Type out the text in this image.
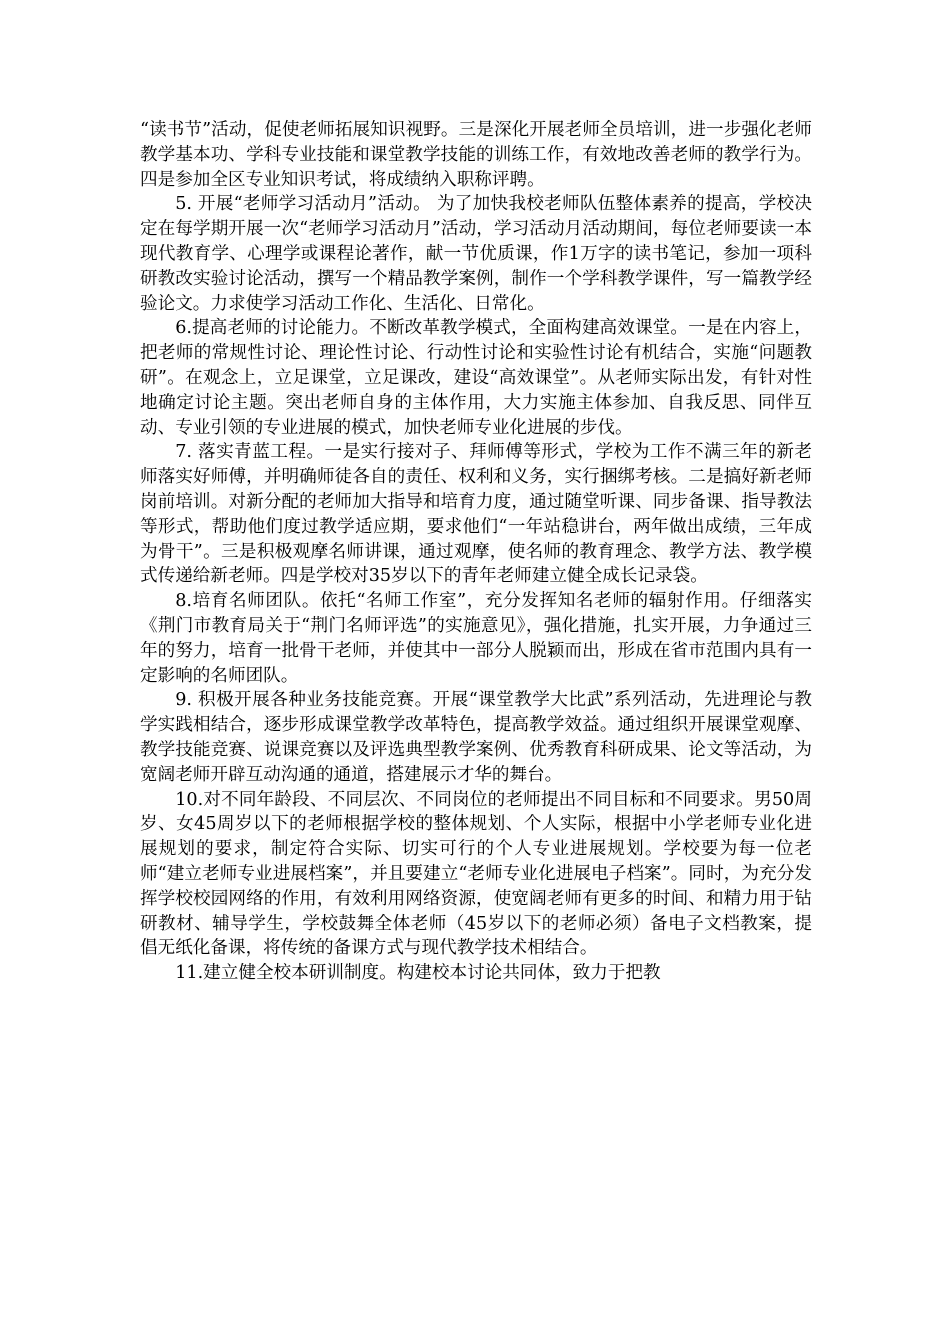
“读书节”活动，促使老师拓展知识视野。三是深化开展老师全员培训，进一步强化老师教学基本功、学科专业技能和课堂教学技能的训练工作，有效地改善老师的教学行为。四是参加全区专业知识考试，将成绩纳入职称评聘。

5. 开展“老师学习活动月”活动。 为了加快我校老师队伍整体素养的提高，学校决定在每学期开展一次“老师学习活动月”活动，学习活动月活动期间，每位老师要读一本现代教育学、心理学或课程论著作，献一节优质课，作1万字的读书笔记，参加一项科研教改实验讨论活动，撰写一个精品教学案例，制作一个学科教学课件，写一篇教学经验论文。力求使学习活动工作化、生活化、日常化。

6.提高老师的讨论能力。不断改革教学模式，全面构建高效课堂。一是在内容上，把老师的常规性讨论、理论性讨论、行动性讨论和实验性讨论有机结合，实施“问题教研”。在观念上，立足课堂，立足课改，建设“高效课堂”。从老师实际出发，有针对性地确定讨论主题。突出老师自身的主体作用，大力实施主体参加、自我反思、同伴互动、专业引领的专业进展的模式，加快老师专业化进展的步伐。

7. 落实青蓝工程。一是实行接对子、拜师傅等形式，学校为工作不满三年的新老师落实好师傅，并明确师徒各自的责任、权利和义务，实行捆绑考核。二是搞好新老师岗前培训。对新分配的老师加大指导和培育力度，通过随堂听课、同步备课、指导教法等形式，帮助他们度过教学适应期，要求他们“一年站稳讲台，两年做出成绩，三年成为骨干”。三是积极观摩名师讲课，通过观摩，使名师的教育理念、教学方法、教学模式传递给新老师。四是学校对35岁以下的青年老师建立健全成长记录袋。

8.培育名师团队。依托“名师工作室”，充分发挥知名老师的辐射作用。仔细落实《荆门市教育局关于“荆门名师评选”的实施意见》，强化措施，扎实开展，力争通过三年的努力，培育一批骨干老师，并使其中一部分人脱颖而出，形成在省市范围内具有一定影响的名师团队。

9. 积极开展各种业务技能竞赛。开展“课堂教学大比武”系列活动，先进理论与教学实践相结合，逐步形成课堂教学改革特色，提高教学效益。通过组织开展课堂观摩、教学技能竞赛、说课竞赛以及评选典型教学案例、优秀教育科研成果、论文等活动，为宽阔老师开辟互动沟通的通道，搭建展示才华的舞台。

10.对不同年龄段、不同层次、不同岗位的老师提出不同目标和不同要求。男50周岁、女45周岁以下的老师根据学校的整体规划、个人实际，根据中小学老师专业化进展规划的要求，制定符合实际、切实可行的个人专业进展规划。学校要为每一位老师“建立老师专业进展档案”，并且要建立“老师专业化进展电子档案”。同时，为充分发挥学校校园网络的作用，有效利用网络资源，使宽阔老师有更多的时间、和精力用于钻研教材、辅导学生，学校鼓舞全体老师（45岁以下的老师必须）备电子文档教案，提倡无纸化备课，将传统的备课方式与现代教学技术相结合。

11.建立健全校本研训制度。构建校本讨论共同体，致力于把教
